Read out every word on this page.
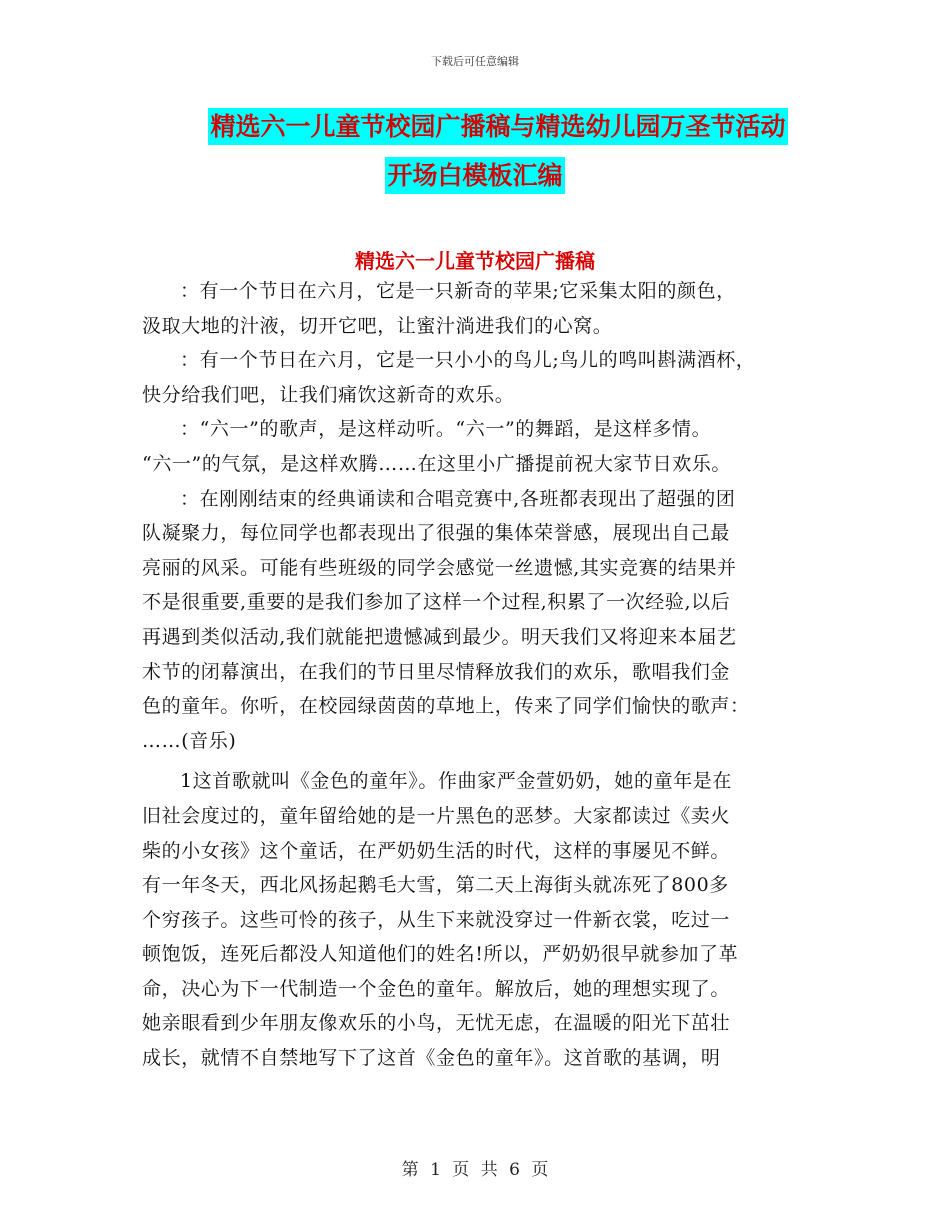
下载后可任意编辑
精选六一儿童节校园广播稿与精选幼儿园万圣节活动
开场白模板汇编
精选六一儿童节校园广播稿

：有一个节日在六月，它是一只新奇的苹果;它采集太阳的颜色，

汲取大地的汁液，切开它吧，让蜜汁淌进我们的心窝。

：有一个节日在六月，它是一只小小的鸟儿;鸟儿的鸣叫斟满酒杯，

快分给我们吧，让我们痛饮这新奇的欢乐。

：“六一”的歌声，是这样动听。“六一”的舞蹈，是这样多情。

“六一”的气氛，是这样欢腾……在这里小广播提前祝大家节日欢乐。

：在刚刚结束的经典诵读和合唱竞赛中,各班都表现出了超强的团

队凝聚力，每位同学也都表现出了很强的集体荣誉感，展现出自己最

亮丽的风采。可能有些班级的同学会感觉一丝遗憾,其实竞赛的结果并

不是很重要,重要的是我们参加了这样一个过程,积累了一次经验,以后

再遇到类似活动,我们就能把遗憾减到最少。明天我们又将迎来本届艺

术节的闭幕演出，在我们的节日里尽情释放我们的欢乐，歌唱我们金

色的童年。你听，在校园绿茵茵的草地上，传来了同学们愉快的歌声：

……(音乐)

1这首歌就叫《金色的童年》。作曲家严金萱奶奶，她的童年是在

旧社会度过的，童年留给她的是一片黑色的恶梦。大家都读过《卖火

柴的小女孩》这个童话，在严奶奶生活的时代，这样的事屡见不鲜。

有一年冬天，西北风扬起鹅毛大雪，第二天上海街头就冻死了800多

个穷孩子。这些可怜的孩子，从生下来就没穿过一件新衣裳，吃过一

顿饱饭，连死后都没人知道他们的姓名!所以，严奶奶很早就参加了革

命，决心为下一代制造一个金色的童年。解放后，她的理想实现了。

她亲眼看到少年朋友像欢乐的小鸟，无忧无虑，在温暖的阳光下茁壮

成长，就情不自禁地写下了这首《金色的童年》。这首歌的基调，明

第 1 页 共 6 页
